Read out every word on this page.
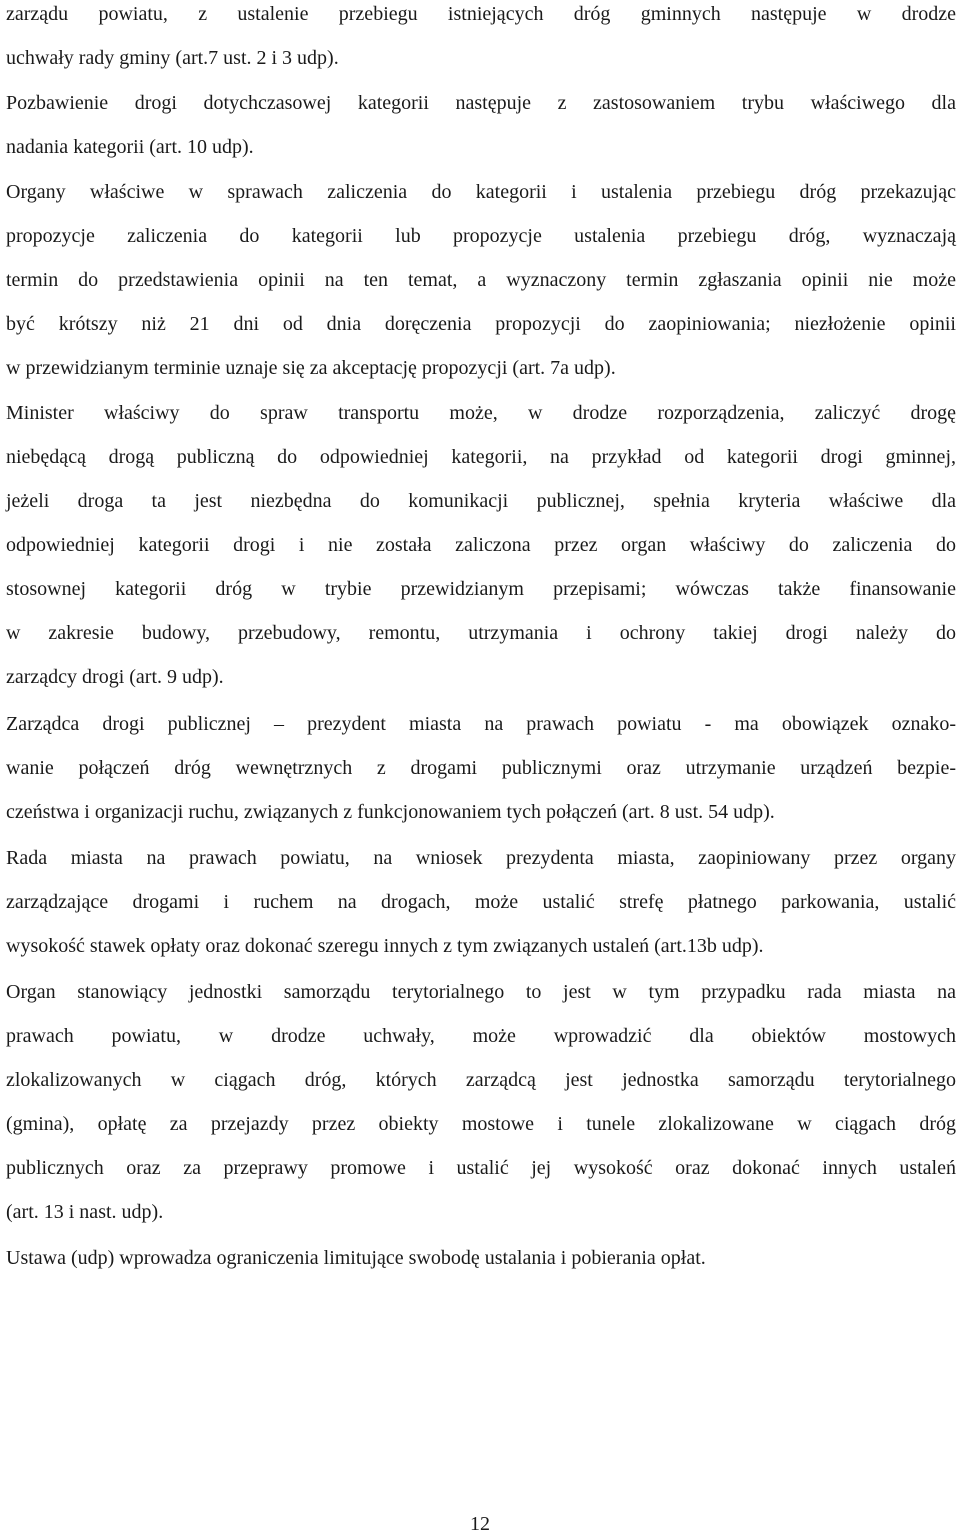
zarządu powiatu, z ustalenie przebiegu istniejących dróg gminnych następuje w drodze
uchwały rady gminy (art.7 ust. 2 i 3 udp).
Pozbawienie drogi dotychczasowej kategorii następuje z zastosowaniem trybu właściwego dla
nadania kategorii (art. 10 udp).
Organy właściwe w sprawach zaliczenia do kategorii i ustalenia przebiegu dróg przekazując
propozycje zaliczenia do kategorii lub propozycje ustalenia przebiegu dróg, wyznaczają
termin do przedstawienia opinii na ten temat, a wyznaczony termin zgłaszania opinii nie może
być krótszy niż 21 dni od dnia doręczenia propozycji do zaopiniowania; niezłożenie opinii
w przewidzianym terminie uznaje się za akceptację propozycji (art. 7a udp).
Minister właściwy do spraw transportu może, w drodze rozporządzenia, zaliczyć drogę
niebędącą drogą publiczną do odpowiedniej kategorii, na przykład od kategorii drogi gminnej,
jeżeli droga ta jest niezbędna do komunikacji publicznej, spełnia kryteria właściwe dla
odpowiedniej kategorii drogi i nie została zaliczona przez organ właściwy do zaliczenia do
stosownej kategorii dróg w trybie przewidzianym przepisami; wówczas także finansowanie
w zakresie budowy, przebudowy, remontu, utrzymania i ochrony takiej drogi należy do
zarządcy drogi (art. 9 udp).
Zarządca drogi publicznej – prezydent miasta na prawach powiatu - ma obowiązek oznako-
wanie połączeń dróg wewnętrznych z drogami publicznymi oraz utrzymanie urządzeń bezpie-
czeństwa i organizacji ruchu, związanych z funkcjonowaniem tych połączeń (art. 8 ust. 54 udp).
Rada miasta na prawach powiatu, na wniosek prezydenta miasta, zaopiniowany przez organy
zarządzające drogami i ruchem na drogach, może ustalić strefę płatnego parkowania, ustalić
wysokość stawek opłaty oraz dokonać szeregu innych z tym związanych ustaleń (art.13b udp).
Organ stanowiący jednostki samorządu terytorialnego to jest w tym przypadku rada miasta na
prawach powiatu, w drodze uchwały, może wprowadzić dla obiektów mostowych
zlokalizowanych w ciągach dróg, których zarządcą jest jednostka samorządu terytorialnego
(gmina), opłatę za przejazdy przez obiekty mostowe i tunele zlokalizowane w ciągach dróg
publicznych oraz za przeprawy promowe i ustalić jej wysokość oraz dokonać innych ustaleń
(art. 13 i nast. udp).
Ustawa (udp) wprowadza ograniczenia limitujące swobodę ustalania i pobierania opłat.
12
